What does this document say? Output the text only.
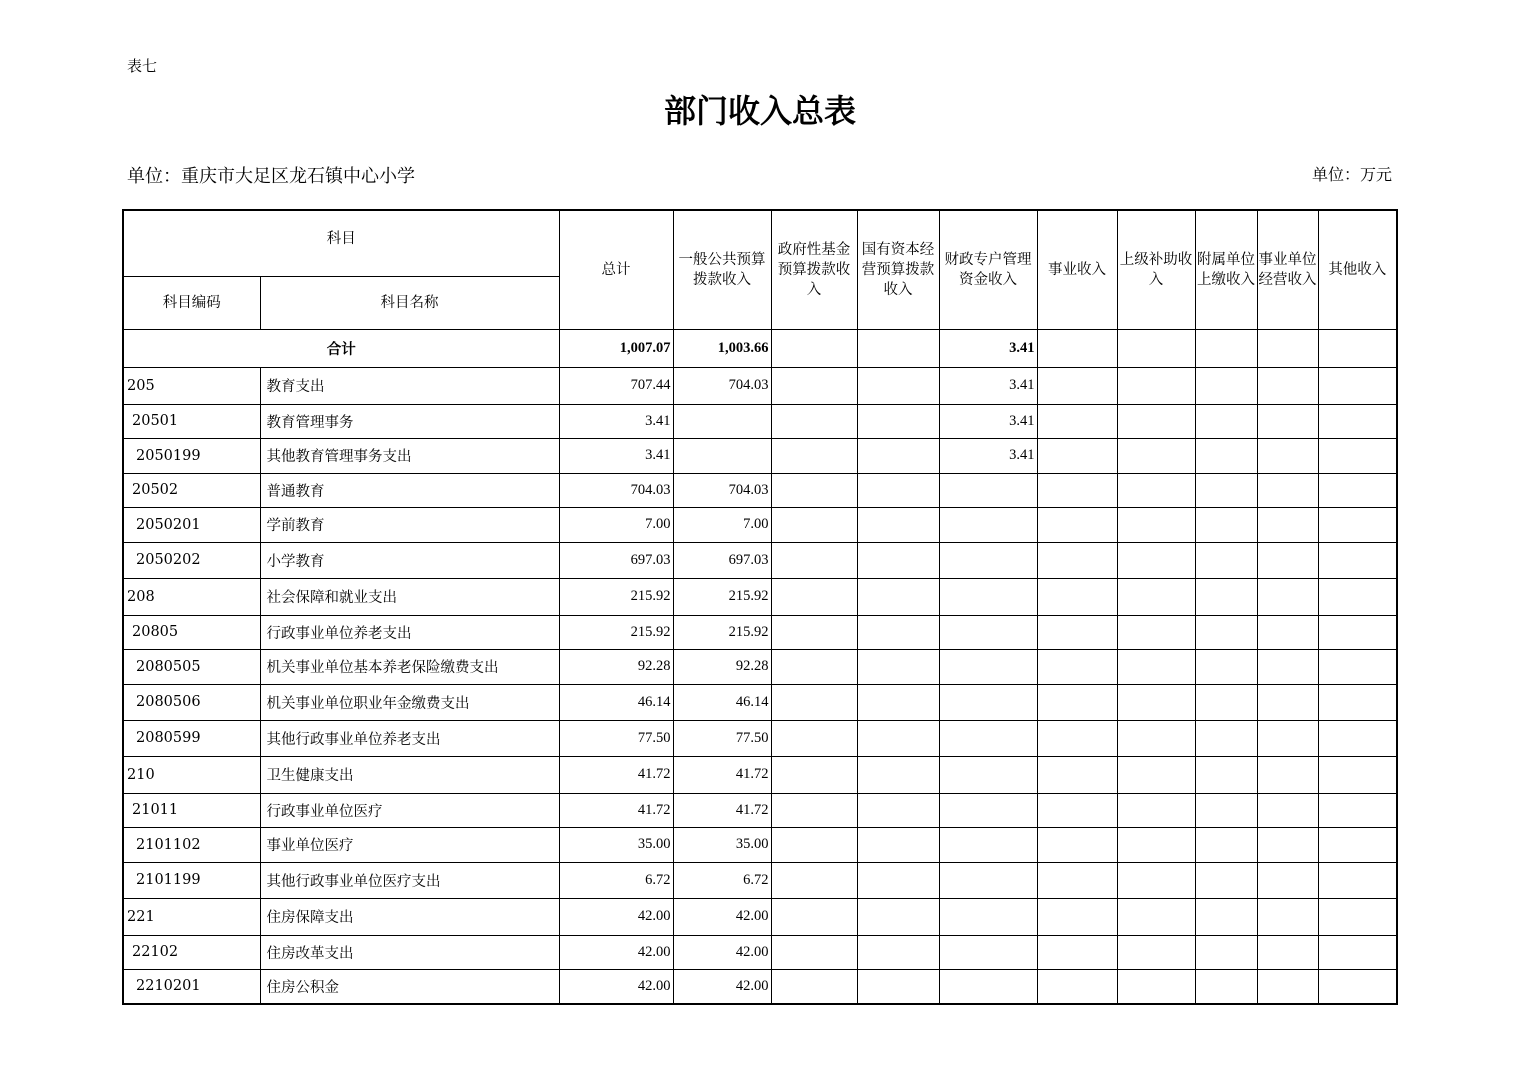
表七
部门收入总表
单位：重庆市大足区龙石镇中心小学	单位：万元
科目		总计	一般公共预算拨款收入	政府性基金预算拨款收入	国有资本经营预算拨款收入	财政专户管理资金收入	事业收入	上级补助收入	附属单位上缴收入	事业单位经营收入	其他收入
科目编码	科目名称										
合计		1,007.07	1,003.66			3.41					
205	教育支出	707.44	704.03			3.41					
20501	教育管理事务	3.41				3.41					
2050199	其他教育管理事务支出	3.41				3.41					
20502	普通教育	704.03	704.03								
2050201	学前教育	7.00	7.00								
2050202	小学教育	697.03	697.03								
208	社会保障和就业支出	215.92	215.92								
20805	行政事业单位养老支出	215.92	215.92								
2080505	机关事业单位基本养老保险缴费支出	92.28	92.28								
2080506	机关事业单位职业年金缴费支出	46.14	46.14								
2080599	其他行政事业单位养老支出	77.50	77.50								
210	卫生健康支出	41.72	41.72								
21011	行政事业单位医疗	41.72	41.72								
2101102	事业单位医疗	35.00	35.00								
2101199	其他行政事业单位医疗支出	6.72	6.72								
221	住房保障支出	42.00	42.00								
22102	住房改革支出	42.00	42.00								
2210201	住房公积金	42.00	42.00								
